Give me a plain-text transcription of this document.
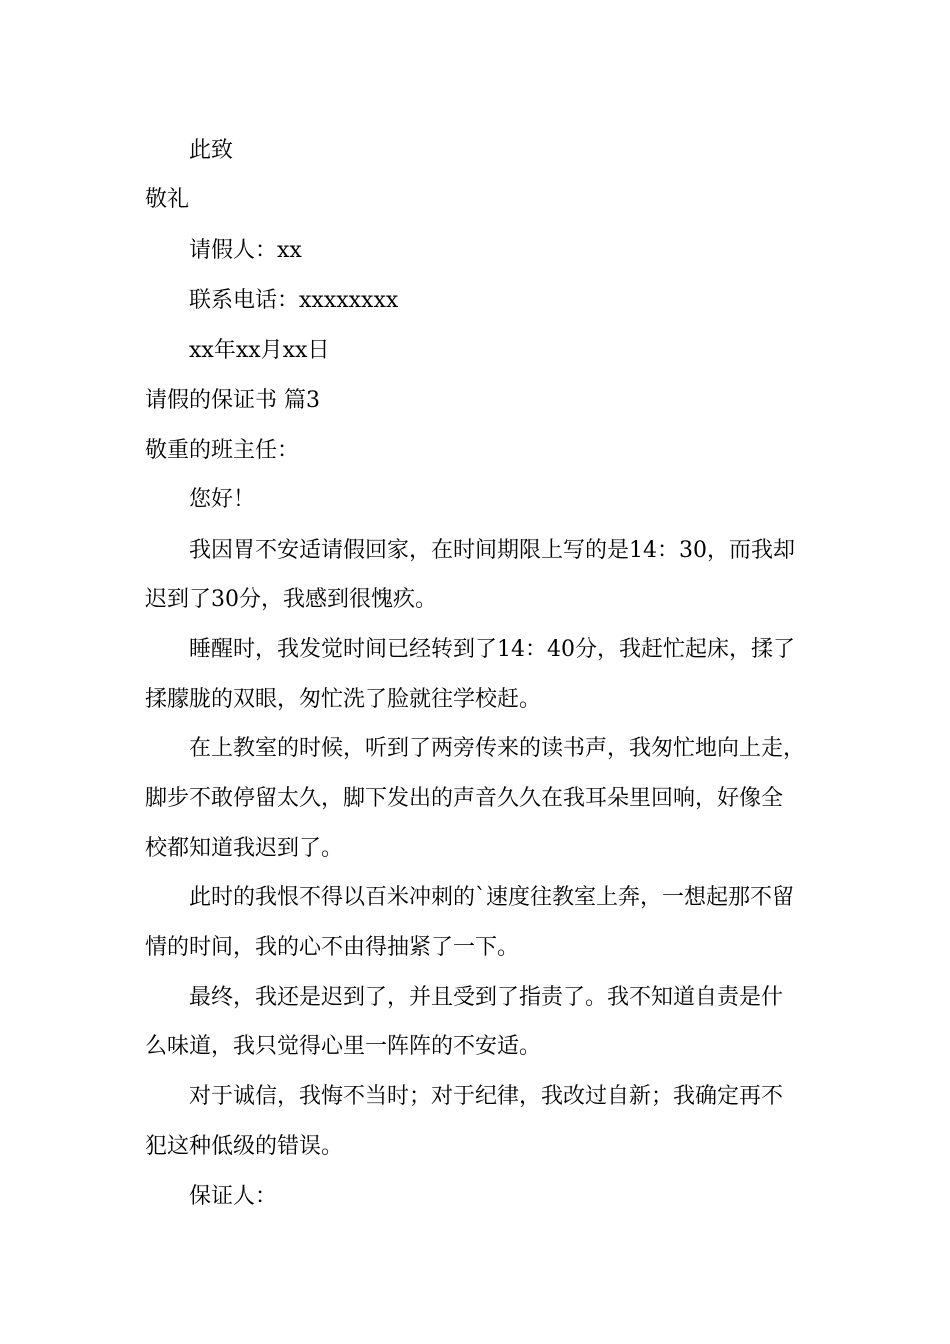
此致
敬礼
请假人：xx
联系电话：xxxxxxxx
xx年xx月xx日
请假的保证书 篇3
敬重的班主任：
您好！
我因胃不安适请假回家，在时间期限上写的是14：30，而我却
迟到了30分，我感到很愧疚。
睡醒时，我发觉时间已经转到了14：40分，我赶忙起床，揉了
揉朦胧的双眼，匆忙洗了脸就往学校赶。
在上教室的时候，听到了两旁传来的读书声，我匆忙地向上走，
脚步不敢停留太久，脚下发出的声音久久在我耳朵里回响，好像全
校都知道我迟到了。
此时的我恨不得以百米冲刺的`速度往教室上奔，一想起那不留
情的时间，我的心不由得抽紧了一下。
最终，我还是迟到了，并且受到了指责了。我不知道自责是什
么味道，我只觉得心里一阵阵的不安适。
对于诚信，我悔不当时；对于纪律，我改过自新；我确定再不
犯这种低级的错误。
保证人：
